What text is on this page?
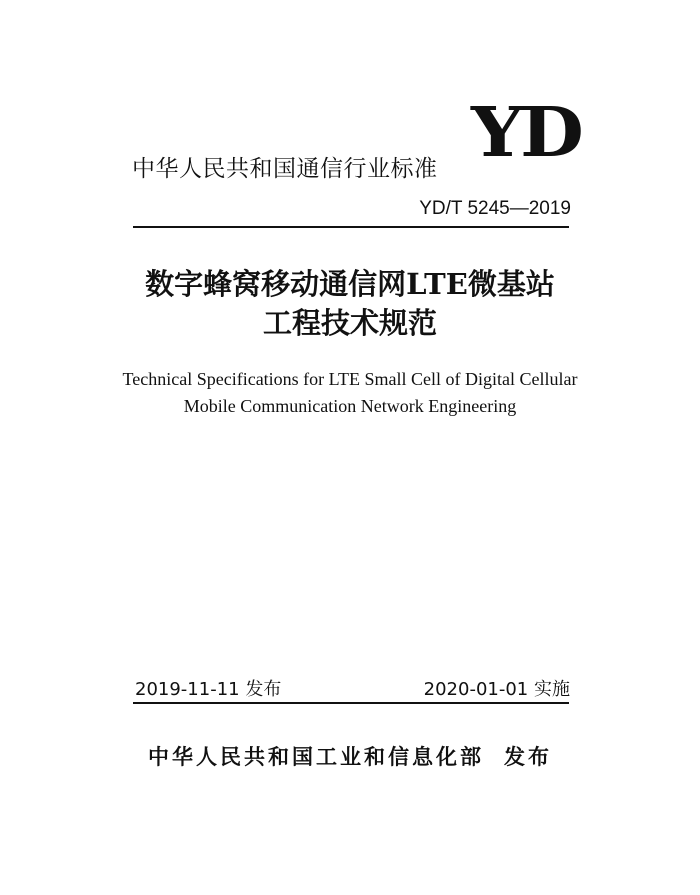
中华人民共和国通信行业标准 YD
YD/T 5245—2019
数字蜂窝移动通信网LTE微基站
工程技术规范
Technical Specifications for LTE Small Cell of Digital Cellular
Mobile Communication Network Engineering
2019-11-11 发布	2020-01-01 实施
中华人民共和国工业和信息化部 发布
